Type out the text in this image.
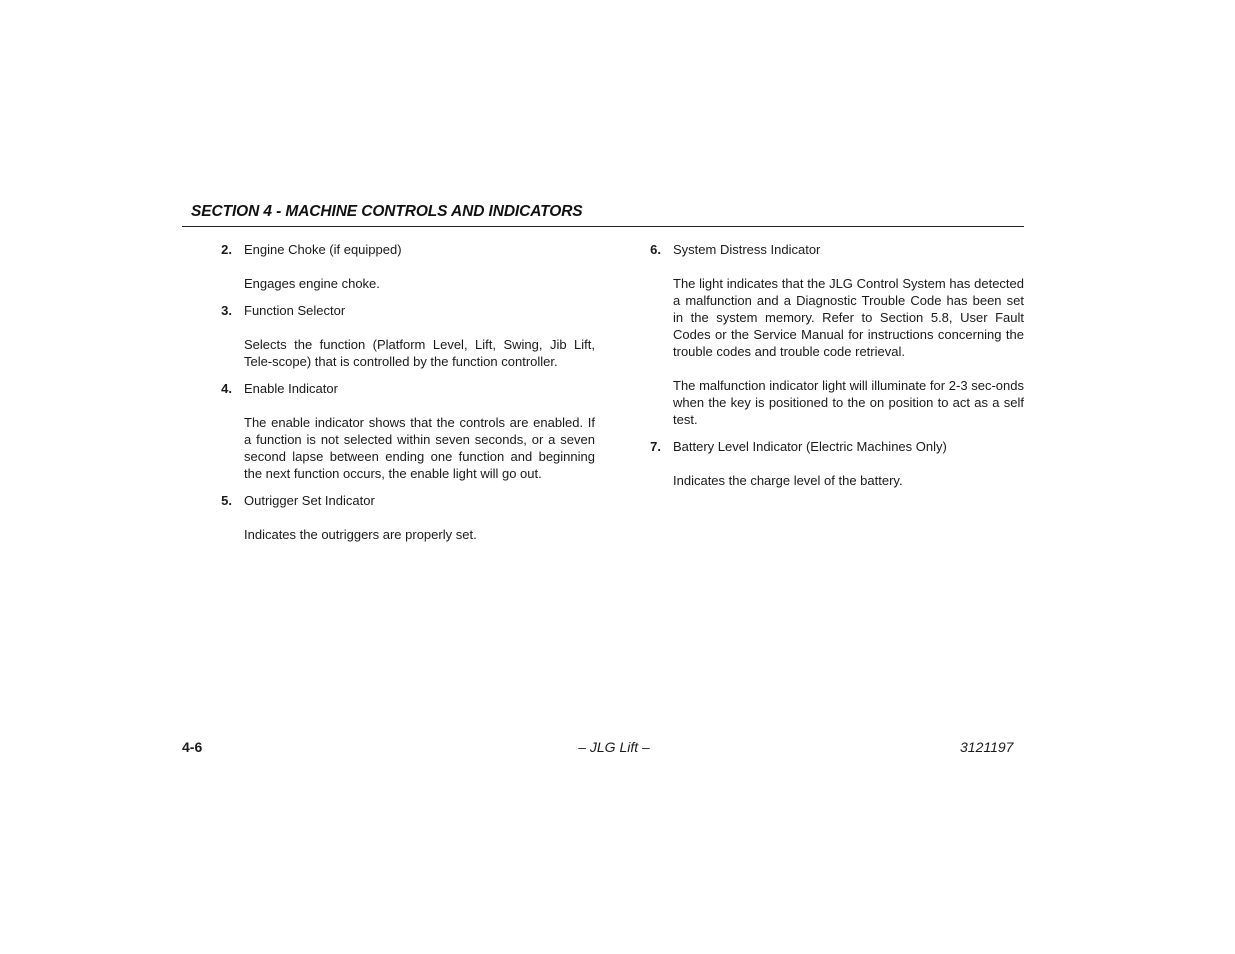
SECTION 4 - MACHINE CONTROLS AND INDICATORS
2. Engine Choke (if equipped)

Engages engine choke.

3. Function Selector

Selects the function (Platform Level, Lift, Swing, Jib Lift, Tele-scope) that is controlled by the function controller.

4. Enable Indicator

The enable indicator shows that the controls are enabled. If a function is not selected within seven seconds, or a seven second lapse between ending one function and beginning the next function occurs, the enable light will go out.

5. Outrigger Set Indicator

Indicates the outriggers are properly set.

6. System Distress Indicator

The light indicates that the JLG Control System has detected a malfunction and a Diagnostic Trouble Code has been set in the system memory. Refer to Section 5.8, User Fault Codes or the Service Manual for instructions concerning the trouble codes and trouble code retrieval.

The malfunction indicator light will illuminate for 2-3 sec-onds when the key is positioned to the on position to act as a self test.

7. Battery Level Indicator (Electric Machines Only)

Indicates the charge level of the battery.

4-6	– JLG Lift –	3121197
